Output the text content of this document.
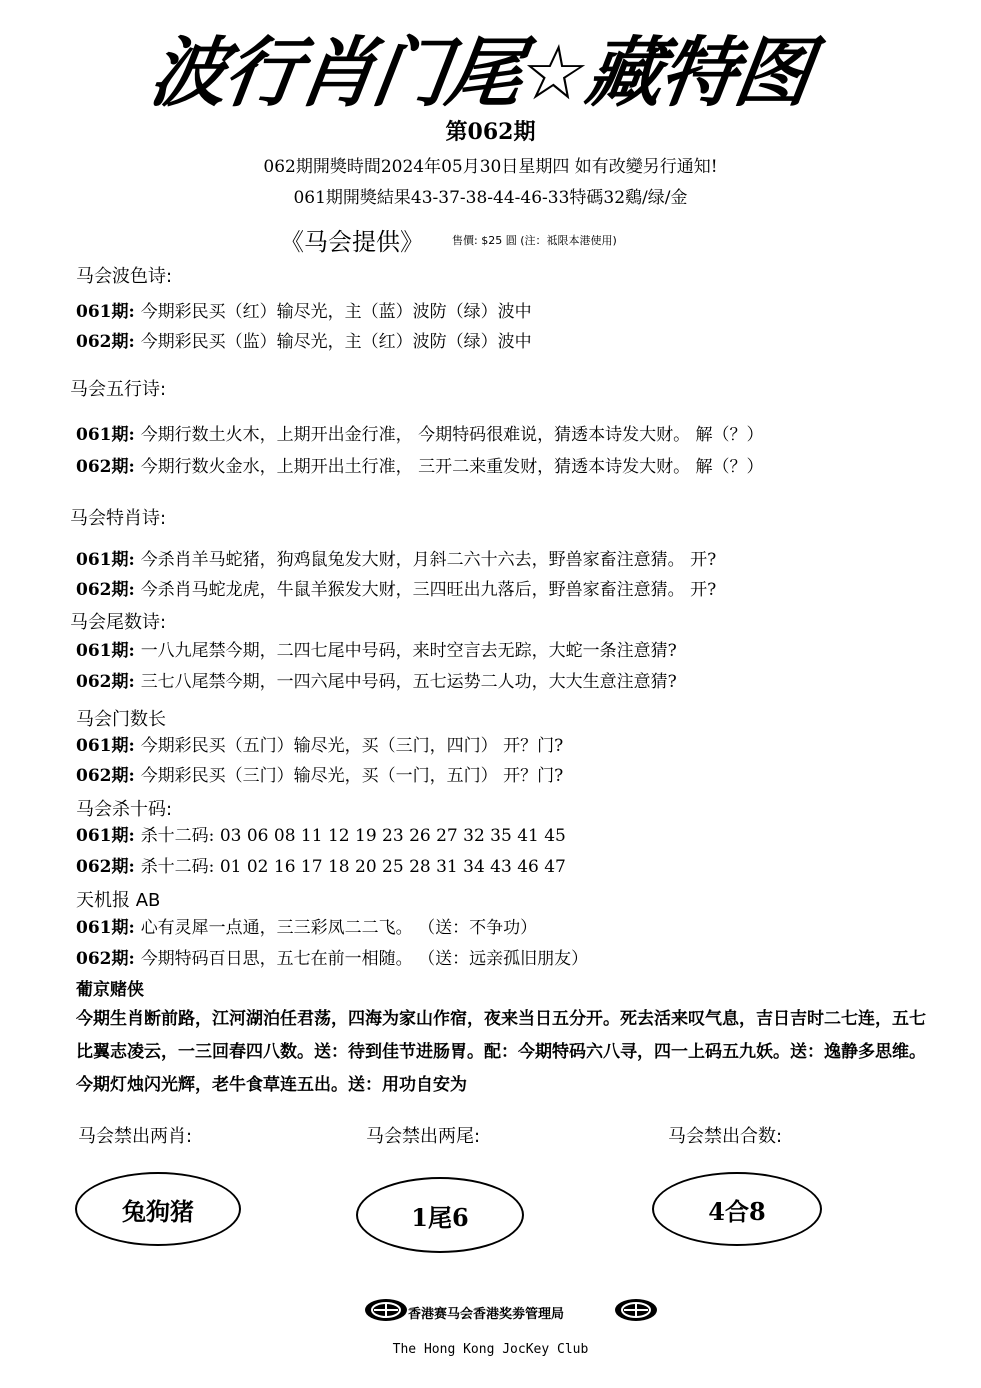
波行肖门尾☆藏特图
第062期
062期開獎時間2024年05月30日星期四 如有改變另行通知!
061期開獎結果43-37-38-44-46-33特碼32鷄/绿/金
《马会提供》	售價: $25 圓 (注：祗限本港使用)
马会波色诗:
061期: 今期彩民买（红）输尽光，主（蓝）波防（绿）波中
062期: 今期彩民买（监）输尽光，主（红）波防（绿）波中
马会五行诗:
061期: 今期行数土火木，上期开出金行准， 今期特码很难说，猜透本诗发大财。 解（？）
062期: 今期行数火金水，上期开出土行准， 三开二来重发财，猜透本诗发大财。 解（？）
马会特肖诗:
061期: 今杀肖羊马蛇猪，狗鸡鼠兔发大财，月斜二六十六去，野兽家畜注意猜。 开?
062期: 今杀肖马蛇龙虎，牛鼠羊猴发大财，三四旺出九落后，野兽家畜注意猜。 开?
马会尾数诗:
061期: 一八九尾禁今期，二四七尾中号码，来时空言去无踪，大蛇一条注意猜?
062期: 三七八尾禁今期，一四六尾中号码，五七运势二人功，大大生意注意猜?
马会门数长
061期: 今期彩民买（五门）输尽光，买（三门，四门） 开？门?
062期: 今期彩民买（三门）输尽光，买（一门，五门） 开？门?
马会杀十码:
061期: 杀十二码: 03 06 08 11 12 19 23 26 27 32 35 41 45
062期: 杀十二码: 01 02 16 17 18 20 25 28 31 34 43 46 47
天机报 AB
061期: 心有灵犀一点通，三三彩凤二二飞。 （送：不争功）
062期: 今期特码百日思，五七在前一相随。 （送：远亲孤旧朋友）
葡京赌侠
今期生肖断前路，江河湖泊任君荡，四海为家山作宿，夜来当日五分开。死去活来叹气息，吉日吉时二七连，五七比翼志凌云，一三回春四八数。送：待到佳节进肠胃。配：今期特码六八寻，四一上码五九妖。送：逸静多思维。今期灯烛闪光辉，老牛食草连五出。送：用功自安为
马会禁出两肖:	马会禁出两尾:	马会禁出合数:
兔狗猪	1尾6	4合8
香港赛马会香港奖劵管理局
The Hong Kong JocKey Club
